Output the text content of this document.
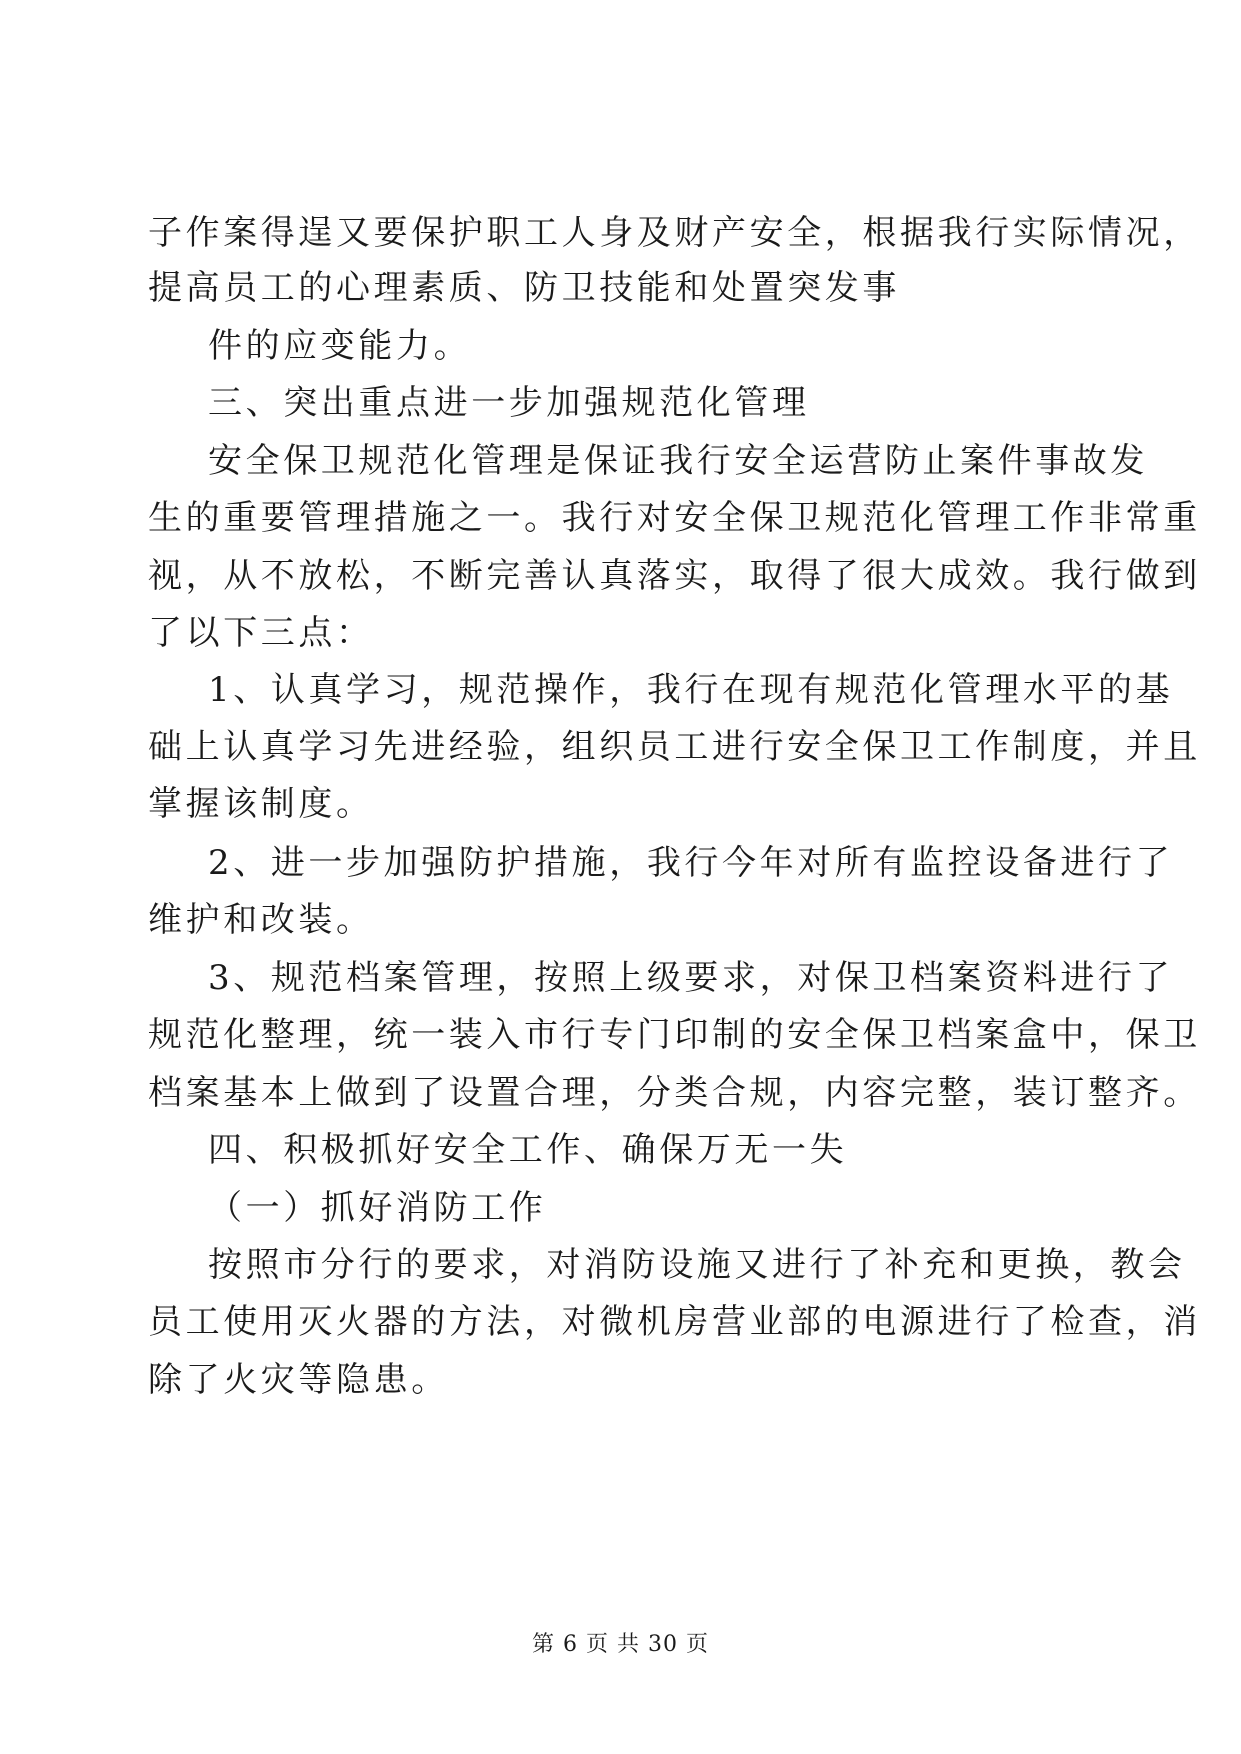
子作案得逞又要保护职工人身及财产安全，根据我行实际情况，
提高员工的心理素质、防卫技能和处置突发事
件的应变能力。
三、突出重点进一步加强规范化管理
安全保卫规范化管理是保证我行安全运营防止案件事故发
生的重要管理措施之一。我行对安全保卫规范化管理工作非常重
视，从不放松，不断完善认真落实，取得了很大成效。我行做到
了以下三点：
1、认真学习，规范操作，我行在现有规范化管理水平的基
础上认真学习先进经验，组织员工进行安全保卫工作制度，并且
掌握该制度。
2、进一步加强防护措施，我行今年对所有监控设备进行了
维护和改装。
3、规范档案管理，按照上级要求，对保卫档案资料进行了
规范化整理，统一装入市行专门印制的安全保卫档案盒中，保卫
档案基本上做到了设置合理，分类合规，内容完整，装订整齐。
四、积极抓好安全工作、确保万无一失
（一）抓好消防工作
按照市分行的要求，对消防设施又进行了补充和更换，教会
员工使用灭火器的方法，对微机房营业部的电源进行了检查，消
除了火灾等隐患。
第 6 页 共 30 页
